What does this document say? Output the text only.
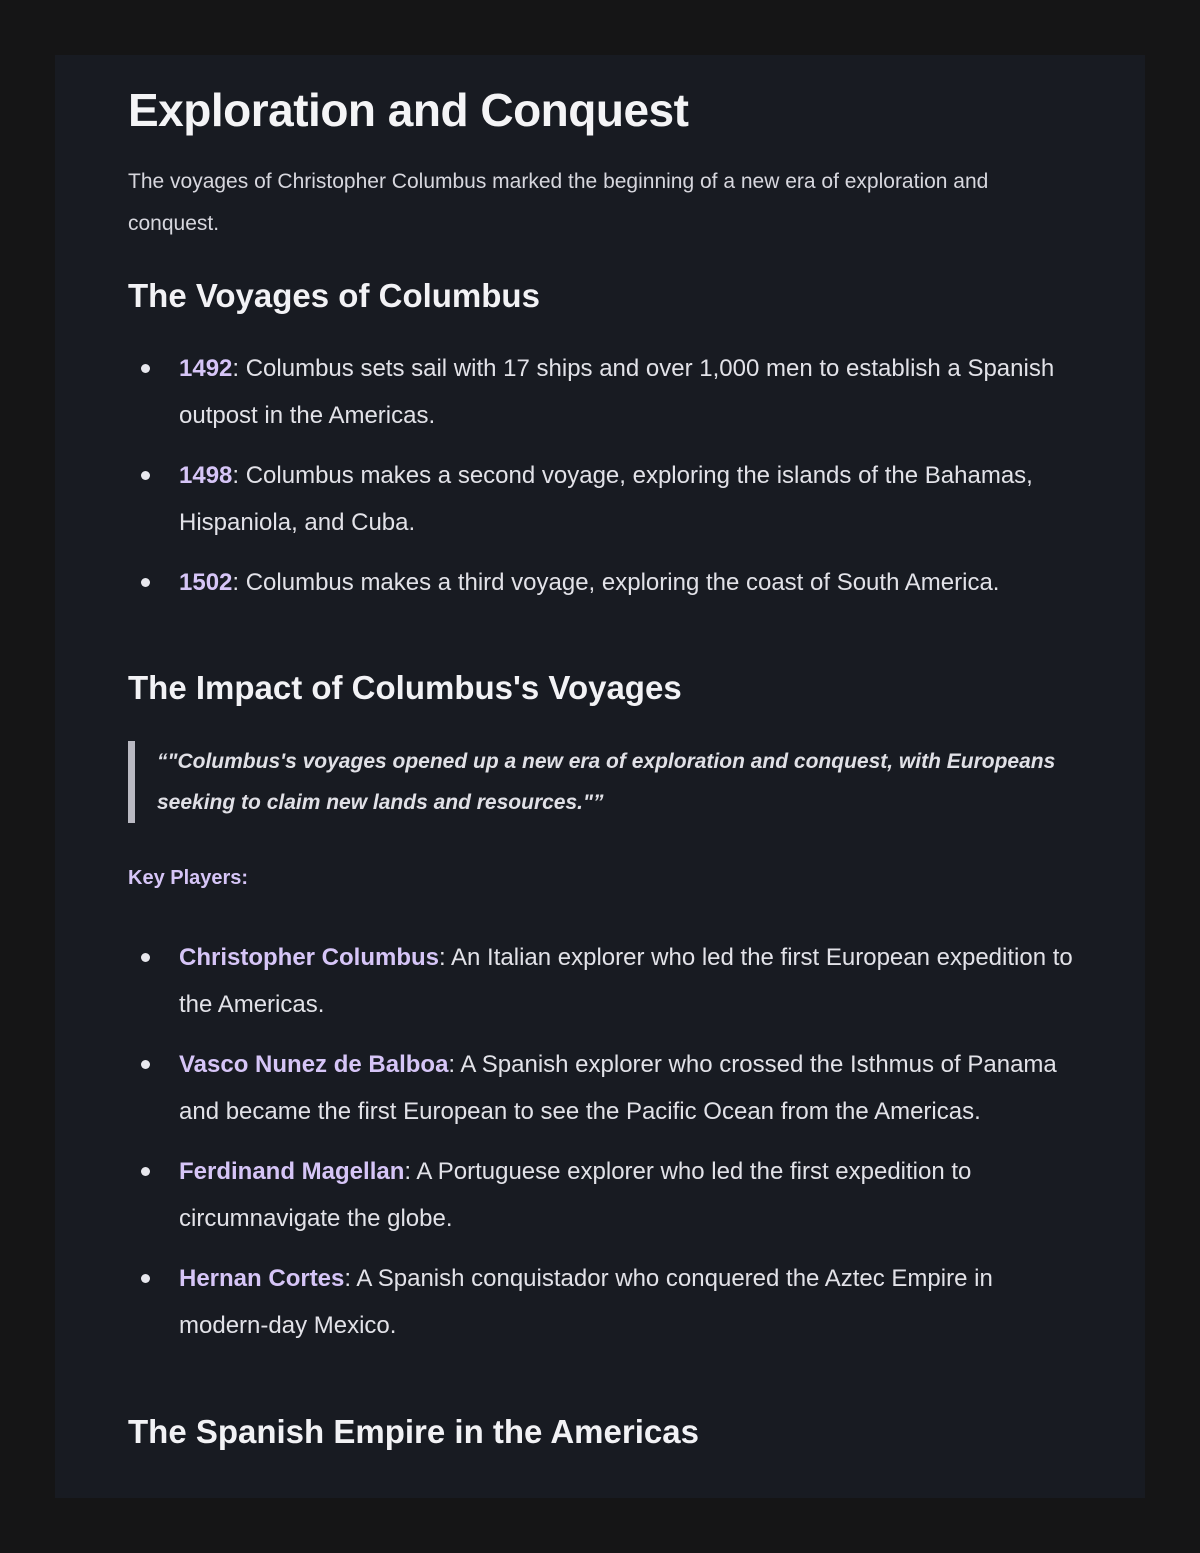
Exploration and Conquest

The voyages of Christopher Columbus marked the beginning of a new era of exploration and conquest.

The Voyages of Columbus
1492: Columbus sets sail with 17 ships and over 1,000 men to establish a Spanish outpost in the Americas.
1498: Columbus makes a second voyage, exploring the islands of the Bahamas, Hispaniola, and Cuba.
1502: Columbus makes a third voyage, exploring the coast of South America.
The Impact of Columbus's Voyages
“"Columbus's voyages opened up a new era of exploration and conquest, with Europeans seeking to claim new lands and resources."”
Key Players:
Christopher Columbus: An Italian explorer who led the first European expedition to the Americas.
Vasco Nunez de Balboa: A Spanish explorer who crossed the Isthmus of Panama and became the first European to see the Pacific Ocean from the Americas.
Ferdinand Magellan: A Portuguese explorer who led the first expedition to circumnavigate the globe.
Hernan Cortes: A Spanish conquistador who conquered the Aztec Empire in modern-day Mexico.
The Spanish Empire in the Americas
